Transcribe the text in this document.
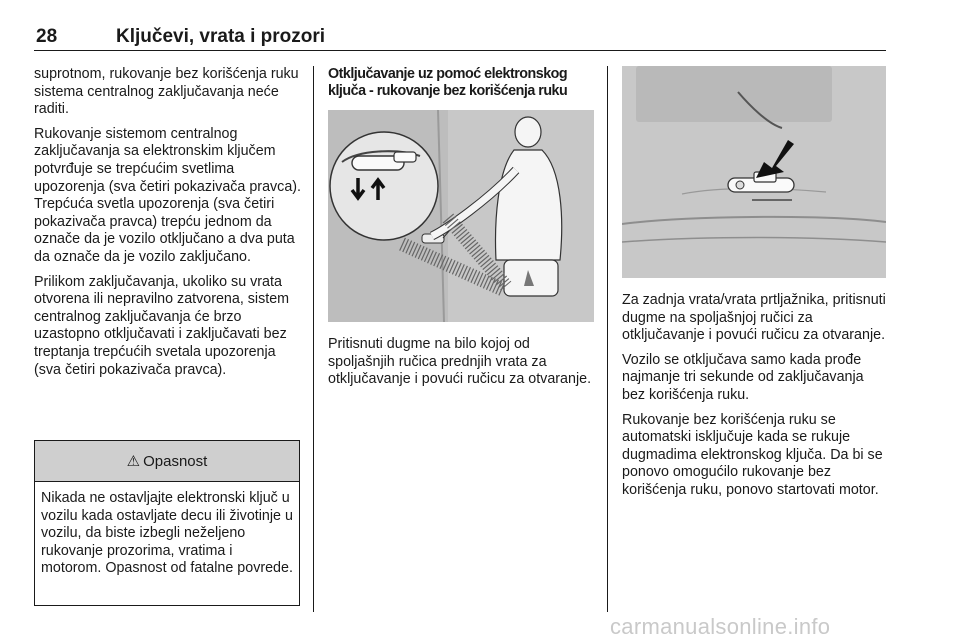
28	Ključevi, vrata i prozori

suprotnom, rukovanje bez korišćenja ruku sistema centralnog zaključavanja neće raditi.

Rukovanje sistemom centralnog zaključavanja sa elektronskim ključem potvrđuje se trepćućim svetlima upozorenja (sva četiri pokazivača pravca). Trepćuća svetla upozorenja (sva četiri pokazivača pravca) trepću jednom da označe da je vozilo otključano a dva puta da označe da je vozilo zaključano.

Prilikom zaključavanja, ukoliko su vrata otvorena ili nepravilno zatvorena, sistem centralnog zaključavanja će brzo uzastopno otključavati i zaključavati bez treptanja trepćućih svetala upozorenja (sva četiri pokazivača pravca).

⚠ Opasnost
Nikada ne ostavljajte elektronski ključ u vozilu kada ostavljate decu ili životinje u vozilu, da biste izbegli neželjeno rukovanje prozorima, vratima i motorom. Opasnost od fatalne povrede.
Otključavanje uz pomoć elektronskog ključa - rukovanje bez korišćenja ruku
Pritisnuti dugme na bilo kojoj od spoljašnjih ručica prednjih vrata za otključavanje i povući ručicu za otvaranje.

Za zadnja vrata/vrata prtljažnika, pritisnuti dugme na spoljašnjoj ručici za otključavanje i povući ručicu za otvaranje.

Vozilo se otključava samo kada prođe najmanje tri sekunde od zaključavanja bez korišćenja ruku.

Rukovanje bez korišćenja ruku se automatski isključuje kada se rukuje dugmadima elektronskog ključa. Da bi se ponovo omogućilo rukovanje bez korišćenja ruku, ponovo startovati motor.

carmanualsonline.info
